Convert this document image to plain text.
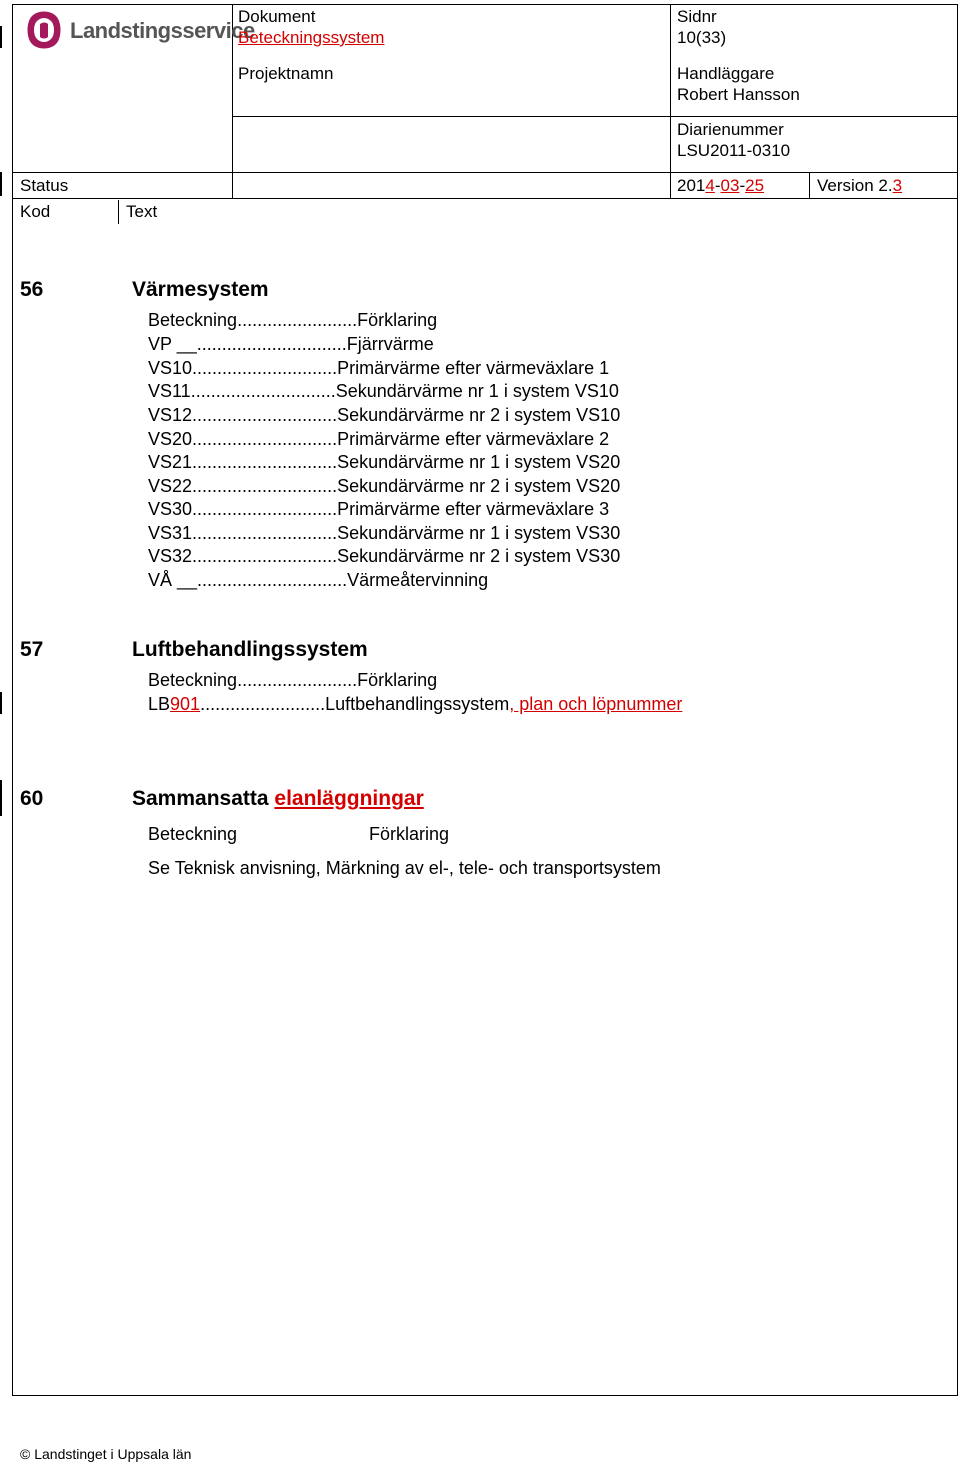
Landstingsservice
Dokument
Beteckningssystem
Sidnr
10(33)
Projektnamn	Handläggare
Robert Hansson
Diarienummer
LSU2011-0310
Status	2014-03-25	Version 2.3
Kod	Text
56	Värmesystem
Beteckning........................Förklaring
VP __..............................Fjärrvärme
VS10.............................Primärvärme efter värmeväxlare 1
VS11.............................Sekundärvärme nr 1 i system VS10
VS12.............................Sekundärvärme nr 2 i system VS10
VS20.............................Primärvärme efter värmeväxlare 2
VS21.............................Sekundärvärme nr 1 i system VS20
VS22.............................Sekundärvärme nr 2 i system VS20
VS30.............................Primärvärme efter värmeväxlare 3
VS31.............................Sekundärvärme nr 1 i system VS30
VS32.............................Sekundärvärme nr 2 i system VS30
VÅ __..............................Värmeåtervinning
57	Luftbehandlingssystem
Beteckning........................Förklaring
LB901.........................Luftbehandlingssystem, plan och löpnummer
60	Sammansatta elanläggningar
Beteckning	Förklaring
Se Teknisk anvisning, Märkning av el-, tele- och transportsystem
© Landstinget i Uppsala län
